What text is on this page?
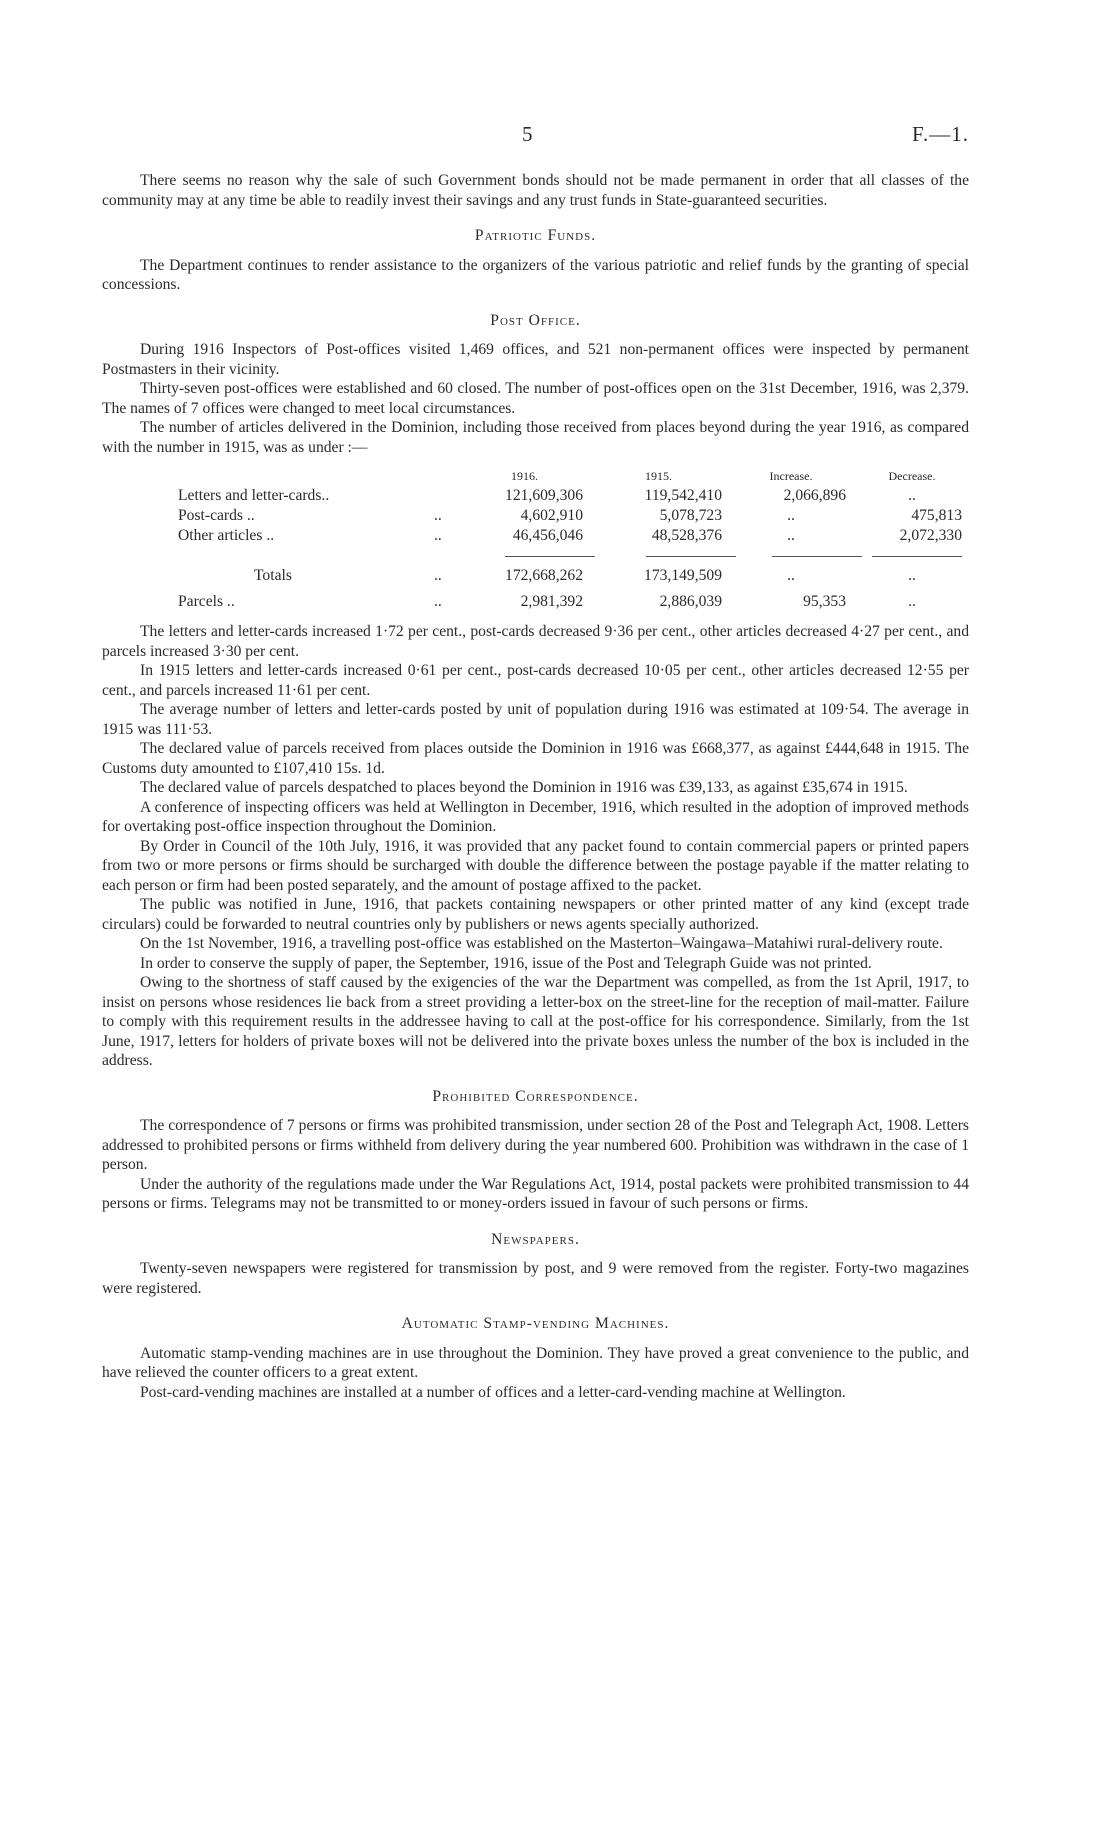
5	F.—1.

There seems no reason why the sale of such Government bonds should not be made permanent in order that all classes of the community may at any time be able to readily invest their savings and any trust funds in State-guaranteed securities.

Patriotic Funds.

The Department continues to render assistance to the organizers of the various patriotic and relief funds by the granting of special concessions.

Post Office.

During 1916 Inspectors of Post-offices visited 1,469 offices, and 521 non-permanent offices were inspected by permanent Postmasters in their vicinity.

Thirty-seven post-offices were established and 60 closed. The number of post-offices open on the 31st December, 1916, was 2,379. The names of 7 offices were changed to meet local circumstances.

The number of articles delivered in the Dominion, including those received from places beyond during the year 1916, as compared with the number in 1915, was as under :—

		1916.	1915.	Increase.	Decrease.
Letters and letter-cards..		121,609,306	119,542,410	2,066,896	..
Post-cards ..	..	4,602,910	5,078,723	..	475,813
Other articles ..	..	46,456,046	48,528,376	..	2,072,330

Totals	..	172,668,262	173,149,509	..	..

Parcels ..	..	2,981,392	2,886,039	95,353	..

The letters and letter-cards increased 1·72 per cent., post-cards decreased 9·36 per cent., other articles decreased 4·27 per cent., and parcels increased 3·30 per cent.

In 1915 letters and letter-cards increased 0·61 per cent., post-cards decreased 10·05 per cent., other articles decreased 12·55 per cent., and parcels increased 11·61 per cent.

The average number of letters and letter-cards posted by unit of population during 1916 was estimated at 109·54. The average in 1915 was 111·53.

The declared value of parcels received from places outside the Dominion in 1916 was £668,377, as against £444,648 in 1915. The Customs duty amounted to £107,410 15s. 1d.

The declared value of parcels despatched to places beyond the Dominion in 1916 was £39,133, as against £35,674 in 1915.

A conference of inspecting officers was held at Wellington in December, 1916, which resulted in the adoption of improved methods for overtaking post-office inspection throughout the Dominion.

By Order in Council of the 10th July, 1916, it was provided that any packet found to contain commercial papers or printed papers from two or more persons or firms should be surcharged with double the difference between the postage payable if the matter relating to each person or firm had been posted separately, and the amount of postage affixed to the packet.

The public was notified in June, 1916, that packets containing newspapers or other printed matter of any kind (except trade circulars) could be forwarded to neutral countries only by publishers or news agents specially authorized.

On the 1st November, 1916, a travelling post-office was established on the Masterton–Waingawa–Matahiwi rural-delivery route.

In order to conserve the supply of paper, the September, 1916, issue of the Post and Telegraph Guide was not printed.

Owing to the shortness of staff caused by the exigencies of the war the Department was compelled, as from the 1st April, 1917, to insist on persons whose residences lie back from a street providing a letter-box on the street-line for the reception of mail-matter. Failure to comply with this requirement results in the addressee having to call at the post-office for his correspondence. Similarly, from the 1st June, 1917, letters for holders of private boxes will not be delivered into the private boxes unless the number of the box is included in the address.

Prohibited Correspondence.

The correspondence of 7 persons or firms was prohibited transmission, under section 28 of the Post and Telegraph Act, 1908. Letters addressed to prohibited persons or firms withheld from delivery during the year numbered 600. Prohibition was withdrawn in the case of 1 person.

Under the authority of the regulations made under the War Regulations Act, 1914, postal packets were prohibited transmission to 44 persons or firms. Telegrams may not be transmitted to or money-orders issued in favour of such persons or firms.

Newspapers.

Twenty-seven newspapers were registered for transmission by post, and 9 were removed from the register. Forty-two magazines were registered.

Automatic Stamp-vending Machines.

Automatic stamp-vending machines are in use throughout the Dominion. They have proved a great convenience to the public, and have relieved the counter officers to a great extent.

Post-card-vending machines are installed at a number of offices and a letter-card-vending machine at Wellington.
